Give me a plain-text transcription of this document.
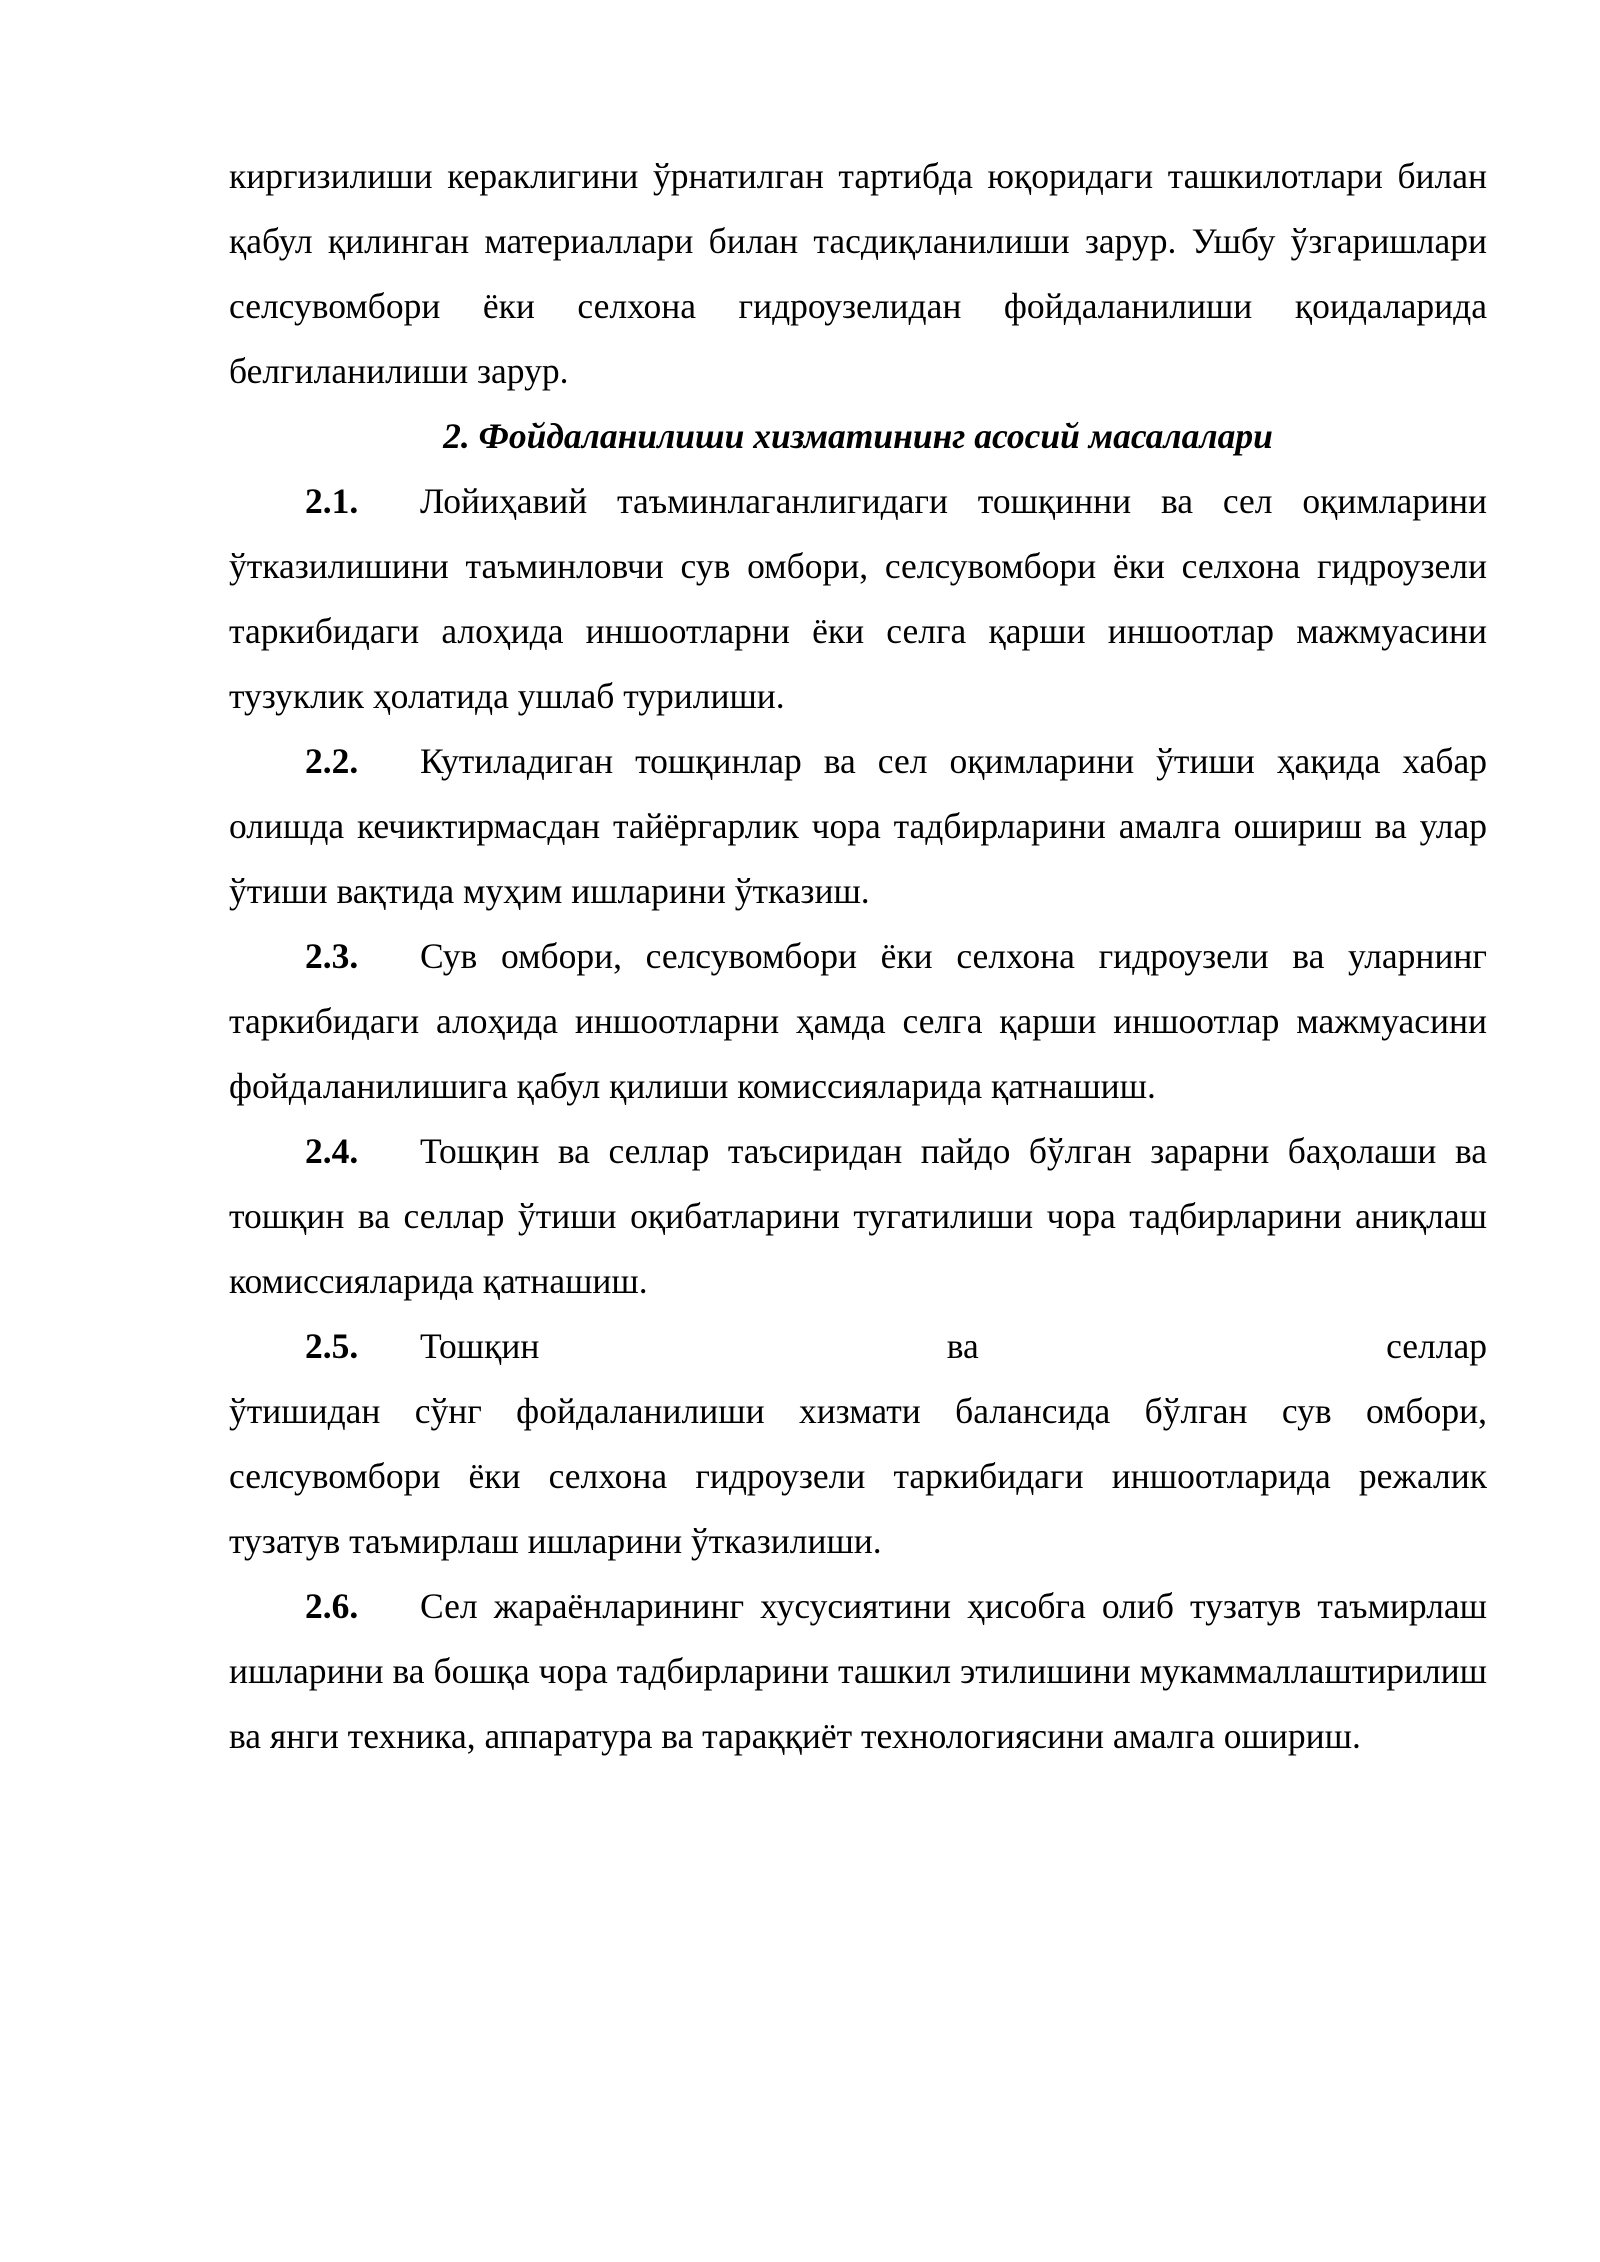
киргизилиши кераклигини ўрнатилган тартибда юқоридаги ташкилотлари билан қабул қилинган материаллари билан тасдиқланилиши зарур. Ушбу ўзгаришлари селсувомбори ёки селхона гидроузелидан фойдаланилиши қоидаларида белгиланилиши зарур.

2. Фойдаланилиши хизматининг асосий масалалари

2.1. Лойиҳавий таъминлаганлигидаги тошқинни ва сел оқимларини ўтказилишини таъминловчи сув омбори, селсувомбори ёки селхона гидроузели таркибидаги алоҳида иншоотларни ёки селга қарши иншоотлар мажмуасини тузуклик ҳолатида ушлаб турилиши.

2.2. Кутиладиган тошқинлар ва сел оқимларини ўтиши ҳақида хабар олишда кечиктирмасдан тайёргарлик чора тадбирларини амалга ошириш ва улар ўтиши вақтида муҳим ишларини ўтказиш.

2.3. Сув омбори, селсувомбори ёки селхона гидроузели ва уларнинг таркибидаги алоҳида иншоотларни ҳамда селга қарши иншоотлар мажмуасини фойдаланилишига қабул қилиши комиссияларида қатнашиш.

2.4. Тошқин ва селлар таъсиридан пайдо бўлган зарарни баҳолаши ва тошқин ва селлар ўтиши оқибатларини тугатилиши чора тадбирларини аниқлаш комиссияларида қатнашиш.

2.5. Тошқин ва селлар

ўтишидан сўнг фойдаланилиши хизмати балансида бўлган сув омбори, селсувомбори ёки селхона гидроузели таркибидаги иншоотларида режалик тузатув таъмирлаш ишларини ўтказилиши.

2.6. Сел жараёнларининг хусусиятини ҳисобга олиб тузатув таъмирлаш ишларини ва бошқа чора тадбирларини ташкил этилишини мукаммаллаштирилиш ва янги техника, аппаратура ва тараққиёт технологиясини амалга ошириш.
